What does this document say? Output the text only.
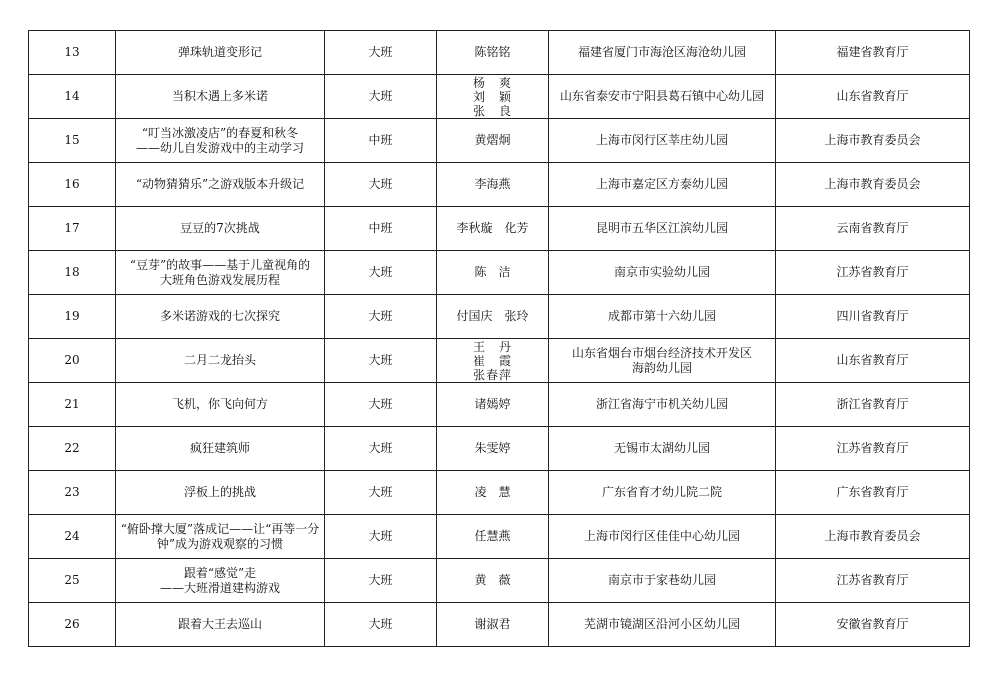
13	弹珠轨道变形记	大班	陈铭铭	福建省厦门市海沧区海沧幼儿园	福建省教育厅
14	当积木遇上多米诺	大班	杨　爽
刘　颖
张　良	山东省泰安市宁阳县葛石镇中心幼儿园	山东省教育厅
15	“叮当冰激凌店”的春夏和秋冬
——幼儿自发游戏中的主动学习	中班	黄熠炯	上海市闵行区莘庄幼儿园	上海市教育委员会
16	“动物猜猜乐”之游戏版本升级记	大班	李海燕	上海市嘉定区方泰幼儿园	上海市教育委员会
17	豆豆的7次挑战	中班	李秋璇　化芳	昆明市五华区江滨幼儿园	云南省教育厅
18	“豆芽”的故事——基于儿童视角的
大班角色游戏发展历程	大班	陈　洁	南京市实验幼儿园	江苏省教育厅
19	多米诺游戏的七次探究	大班	付国庆　张玲	成都市第十六幼儿园	四川省教育厅
20	二月二龙抬头	大班	王　丹
崔　霞
张春萍	山东省烟台市烟台经济技术开发区
海韵幼儿园	山东省教育厅
21	飞机，你飞向何方	大班	诸嫣婷	浙江省海宁市机关幼儿园	浙江省教育厅
22	疯狂建筑师	大班	朱雯婷	无锡市太湖幼儿园	江苏省教育厅
23	浮板上的挑战	大班	凌　慧	广东省育才幼儿院二院	广东省教育厅
24	“俯卧撑大厦”落成记——让“再等一分
钟”成为游戏观察的习惯	大班	任慧燕	上海市闵行区佳佳中心幼儿园	上海市教育委员会
25	跟着“感觉”走
——大班滑道建构游戏	大班	黄　薇	南京市于家巷幼儿园	江苏省教育厅
26	跟着大王去巡山	大班	谢淑君	芜湖市镜湖区沿河小区幼儿园	安徽省教育厅
